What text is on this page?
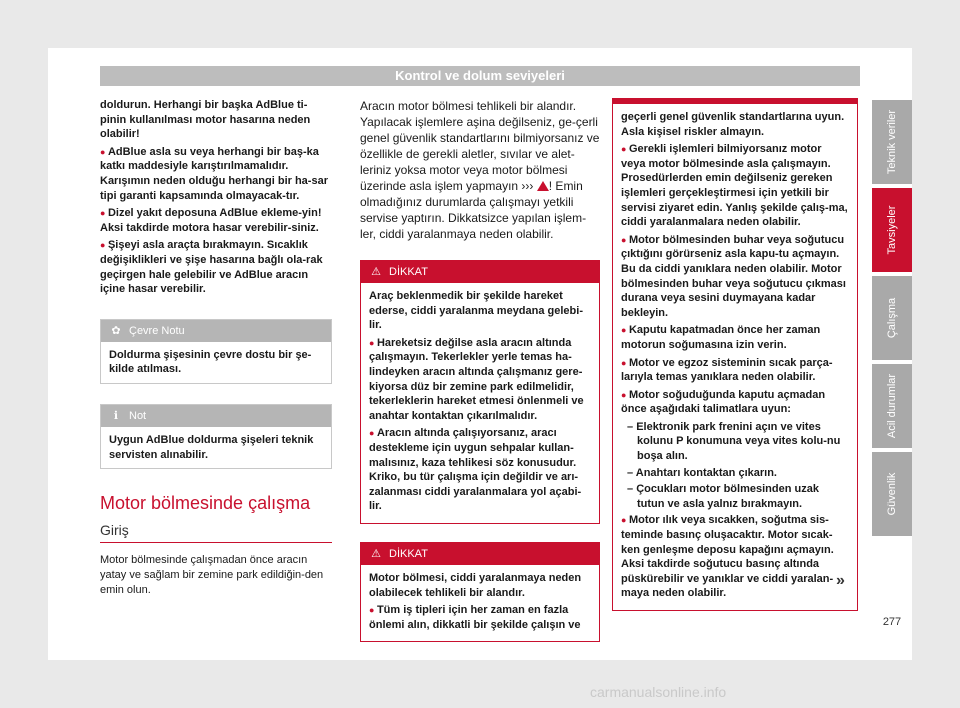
Kontrol ve dolum seviyeleri

doldurun. Herhangi bir başka AdBlue ti-pinin kullanılması motor hasarına neden olabilir!

● AdBlue asla su veya herhangi bir baş-ka katkı maddesiyle karıştırılmamalıdır. Karışımın neden olduğu herhangi bir ha-sar tipi garanti kapsamında olmayacak-tır.

● Dizel yakıt deposuna AdBlue ekleme-yin! Aksi takdirde motora hasar verebilir-siniz.

● Şişeyi asla araçta bırakmayın. Sıcaklık değişiklikleri ve şişe hasarına bağlı ola-rak geçirgen hale gelebilir ve AdBlue aracın içine hasar verebilir.

✿ Çevre Notu
Doldurma şişesinin çevre dostu bir şe-kilde atılması.
ℹ Not
Uygun AdBlue doldurma şişeleri teknik servisten alınabilir.
Motor bölmesinde çalışma
Giriş
Motor bölmesinde çalışmadan önce aracın yatay ve sağlam bir zemine park edildiğin-den emin olun.

Aracın motor bölmesi tehlikeli bir alandır. Yapılacak işlemlere aşina değilseniz, ge-çerli genel güvenlik standartlarını bilmiyorsanız ve özellikle de gerekli aletler, sıvılar ve alet-leriniz yoksa motor veya motor bölmesi üzerinde asla işlem yapmayın ››› ! Emin olmadığınız durumlarda çalışmayı yetkili servise yaptırın. Dikkatsizce yapılan işlem-ler, ciddi yaralanmaya neden olabilir.

⚠ DİKKAT

Araç beklenmedik bir şekilde hareket ederse, ciddi yaralanma meydana gelebi-lir.

● Hareketsiz değilse asla aracın altında çalışmayın. Tekerlekler yerle temas ha-lindeyken aracın altında çalışmanız gere-kiyorsa düz bir zemine park edilmelidir, tekerleklerin hareket etmesi önlenmeli ve anahtar kontaktan çıkarılmalıdır.

● Aracın altında çalışıyorsanız, aracı destekleme için uygun sehpalar kullan-malısınız, kaza tehlikesi söz konusudur. Kriko, bu tür çalışma için değildir ve arı-zalanması ciddi yaralanmalara yol açabi-lir.

⚠ DİKKAT

Motor bölmesi, ciddi yaralanmaya neden olabilecek tehlikeli bir alandır.

● Tüm iş tipleri için her zaman en fazla önlemi alın, dikkatli bir şekilde çalışın ve

geçerli genel güvenlik standartlarına uyun. Asla kişisel riskler almayın.

● Gerekli işlemleri bilmiyorsanız motor veya motor bölmesinde asla çalışmayın. Prosedürlerden emin değilseniz gereken işlemleri gerçekleştirmesi için yetkili bir servisi ziyaret edin. Yanlış şekilde çalış-ma, ciddi yaralanmalara neden olabilir.

● Motor bölmesinden buhar veya soğutucu çıktığını görürseniz asla kapu-tu açmayın. Bu da ciddi yanıklara neden olabilir. Motor bölmesinden buhar veya soğutucu çıkması durana veya sesini duymayana kadar bekleyin.

● Kaputu kapatmadan önce her zaman motorun soğumasına izin verin.

● Motor ve egzoz sisteminin sıcak parça-larıyla temas yanıklara neden olabilir.

● Motor soğuduğunda kaputu açmadan önce aşağıdaki talimatlara uyun:

– Elektronik park frenini açın ve vites kolunu P konumuna veya vites kolu-nu boşa alın.

– Anahtarı kontaktan çıkarın.

– Çocukları motor bölmesinden uzak tutun ve asla yalnız bırakmayın.

● Motor ılık veya sıcakken, soğutma sis-teminde basınç oluşacaktır. Motor sıcak-ken genleşme deposu kapağını açmayın. Aksi takdirde soğutucu basınç altında püskürebilir ve yanıklar ve ciddi yaralan-maya neden olabilir.

»
Teknik veriler
Tavsiyeler
Çalışma
Acil durumlar
Güvenlik
277
carmanualsonline.info
